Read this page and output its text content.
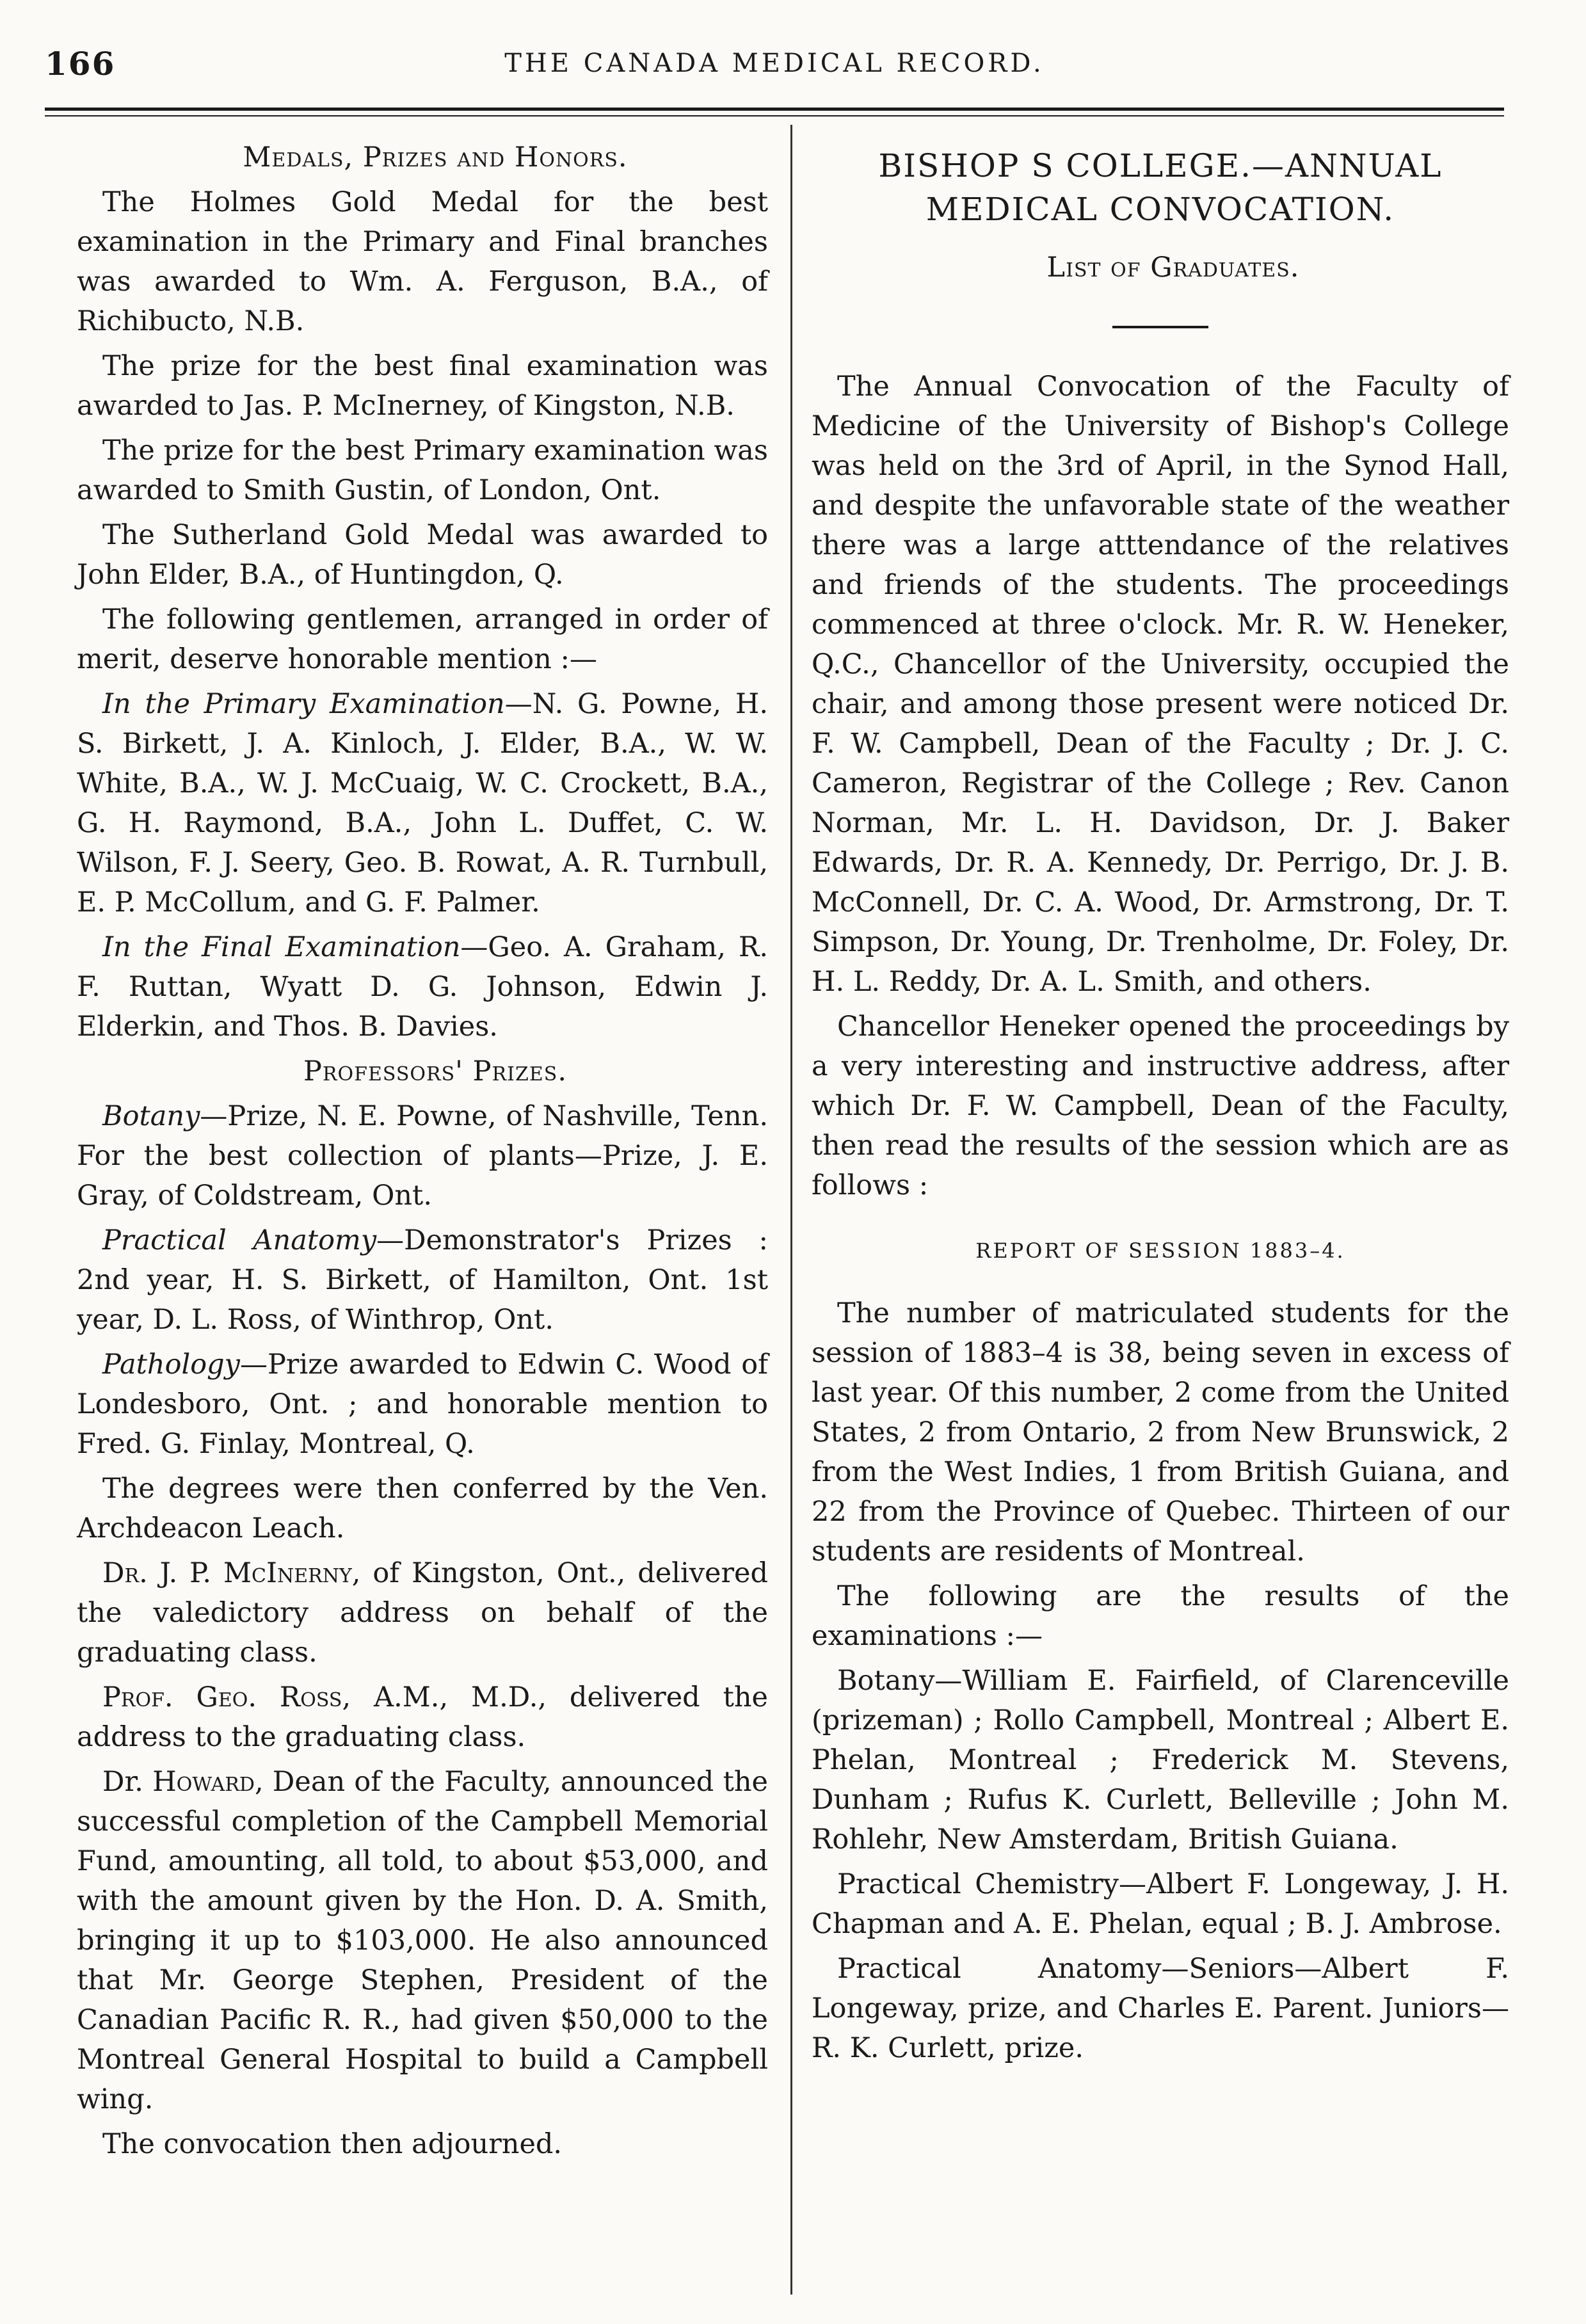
166	THE CANADA MEDICAL RECORD.

Medals, Prizes and Honors.

The Holmes Gold Medal for the best examination in the Primary and Final branches was awarded to Wm. A. Ferguson, B.A., of Richibucto, N.B.

The prize for the best final examination was awarded to Jas. P. McInerney, of Kingston, N.B.

The prize for the best Primary examination was awarded to Smith Gustin, of London, Ont.

The Sutherland Gold Medal was awarded to John Elder, B.A., of Huntingdon, Q.

The following gentlemen, arranged in order of merit, deserve honorable mention :—

In the Primary Examination—N. G. Powne, H. S. Birkett, J. A. Kinloch, J. Elder, B.A., W. W. White, B.A., W. J. McCuaig, W. C. Crockett, B.A., G. H. Raymond, B.A., John L. Duffet, C. W. Wilson, F. J. Seery, Geo. B. Rowat, A. R. Turnbull, E. P. McCollum, and G. F. Palmer.

In the Final Examination—Geo. A. Graham, R. F. Ruttan, Wyatt D. G. Johnson, Edwin J. Elderkin, and Thos. B. Davies.

Professors' Prizes.

Botany—Prize, N. E. Powne, of Nashville, Tenn. For the best collection of plants—Prize, J. E. Gray, of Coldstream, Ont.

Practical Anatomy—Demonstrator's Prizes : 2nd year, H. S. Birkett, of Hamilton, Ont. 1st year, D. L. Ross, of Winthrop, Ont.

Pathology—Prize awarded to Edwin C. Wood of Londesboro, Ont. ; and honorable mention to Fred. G. Finlay, Montreal, Q.

The degrees were then conferred by the Ven. Archdeacon Leach.

Dr. J. P. McInerny, of Kingston, Ont., delivered the valedictory address on behalf of the graduating class.

Prof. Geo. Ross, A.M., M.D., delivered the address to the graduating class.

Dr. Howard, Dean of the Faculty, announced the successful completion of the Campbell Memorial Fund, amounting, all told, to about $53,000, and with the amount given by the Hon. D. A. Smith, bringing it up to $103,000. He also announced that Mr. George Stephen, President of the Canadian Pacific R. R., had given $50,000 to the Montreal General Hospital to build a Campbell wing.

The convocation then adjourned.

BISHOP S COLLEGE.—ANNUAL
MEDICAL CONVOCATION.

List of Graduates.

The Annual Convocation of the Faculty of Medicine of the University of Bishop's College was held on the 3rd of April, in the Synod Hall, and despite the unfavorable state of the weather there was a large atttendance of the relatives and friends of the students. The proceedings commenced at three o'clock. Mr. R. W. Heneker, Q.C., Chancellor of the University, occupied the chair, and among those present were noticed Dr. F. W. Campbell, Dean of the Faculty ; Dr. J. C. Cameron, Registrar of the College ; Rev. Canon Norman, Mr. L. H. Davidson, Dr. J. Baker Edwards, Dr. R. A. Kennedy, Dr. Perrigo, Dr. J. B. McConnell, Dr. C. A. Wood, Dr. Armstrong, Dr. T. Simpson, Dr. Young, Dr. Trenholme, Dr. Foley, Dr. H. L. Reddy, Dr. A. L. Smith, and others.

Chancellor Heneker opened the proceedings by a very interesting and instructive address, after which Dr. F. W. Campbell, Dean of the Faculty, then read the results of the session which are as follows :

REPORT OF SESSION 1883–4.

The number of matriculated students for the session of 1883–4 is 38, being seven in excess of last year. Of this number, 2 come from the United States, 2 from Ontario, 2 from New Brunswick, 2 from the West Indies, 1 from British Guiana, and 22 from the Province of Quebec. Thirteen of our students are residents of Montreal.

The following are the results of the examinations :—

Botany—William E. Fairfield, of Clarenceville (prizeman) ; Rollo Campbell, Montreal ; Albert E. Phelan, Montreal ; Frederick M. Stevens, Dunham ; Rufus K. Curlett, Belleville ; John M. Rohlehr, New Amsterdam, British Guiana.

Practical Chemistry—Albert F. Longeway, J. H. Chapman and A. E. Phelan, equal ; B. J. Ambrose.

Practical Anatomy—Seniors—Albert F. Longeway, prize, and Charles E. Parent. Juniors—R. K. Curlett, prize.
